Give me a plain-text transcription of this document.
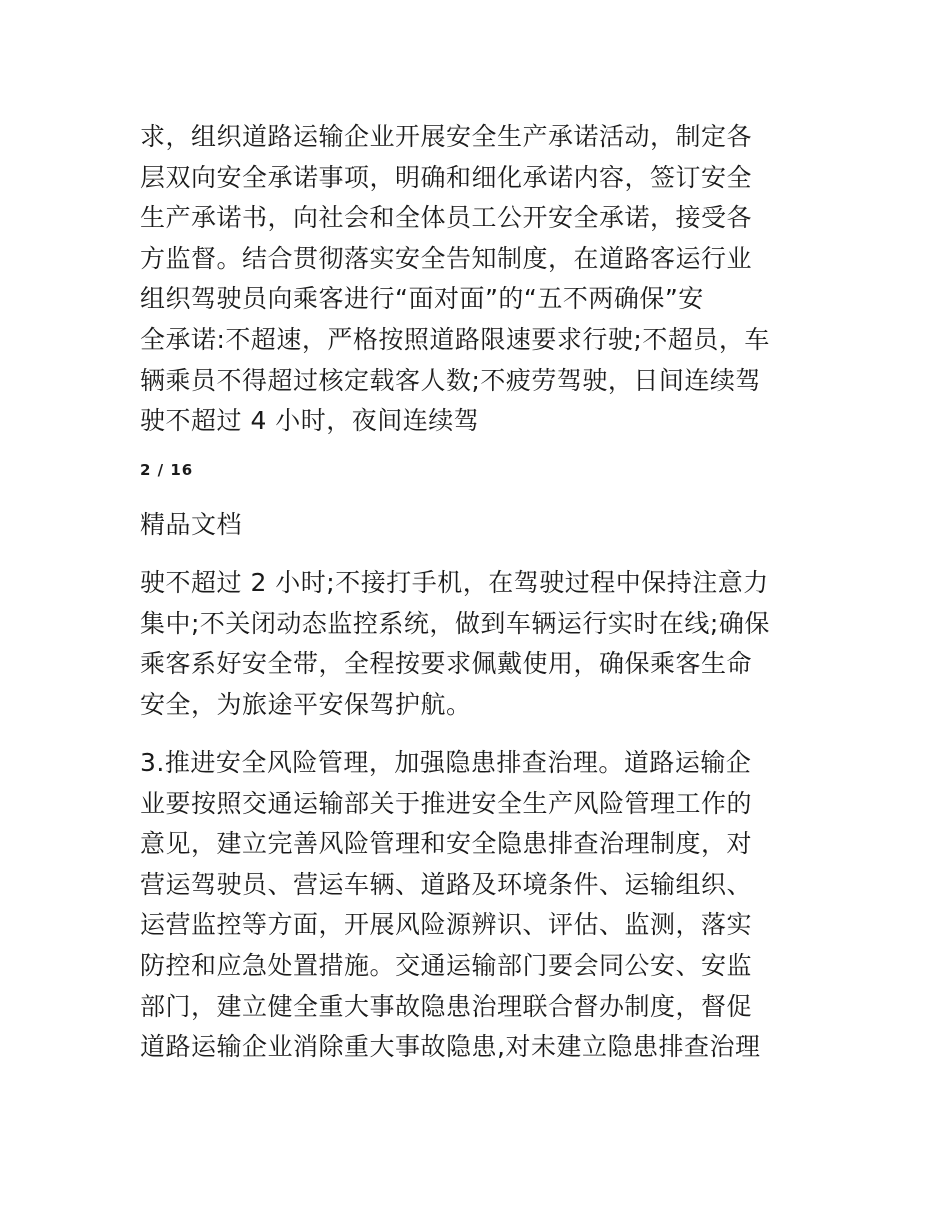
求，组织道路运输企业开展安全生产承诺活动，制定各
层双向安全承诺事项，明确和细化承诺内容，签订安全
生产承诺书，向社会和全体员工公开安全承诺，接受各
方监督。结合贯彻落实安全告知制度，在道路客运行业
组织驾驶员向乘客进行“面对面”的“五不两确保”安
全承诺:不超速，严格按照道路限速要求行驶;不超员，车
辆乘员不得超过核定载客人数;不疲劳驾驶，日间连续驾
驶不超过 4 小时，夜间连续驾
2 / 16
精品文档
驶不超过 2 小时;不接打手机，在驾驶过程中保持注意力
集中;不关闭动态监控系统，做到车辆运行实时在线;确保
乘客系好安全带，全程按要求佩戴使用，确保乘客生命
安全，为旅途平安保驾护航。
3.推进安全风险管理，加强隐患排查治理。道路运输企
业要按照交通运输部关于推进安全生产风险管理工作的
意见，建立完善风险管理和安全隐患排查治理制度，对
营运驾驶员、营运车辆、道路及环境条件、运输组织、
运营监控等方面，开展风险源辨识、评估、监测，落实
防控和应急处置措施。交通运输部门要会同公安、安监
部门，建立健全重大事故隐患治理联合督办制度，督促
道路运输企业消除重大事故隐患,对未建立隐患排查治理
